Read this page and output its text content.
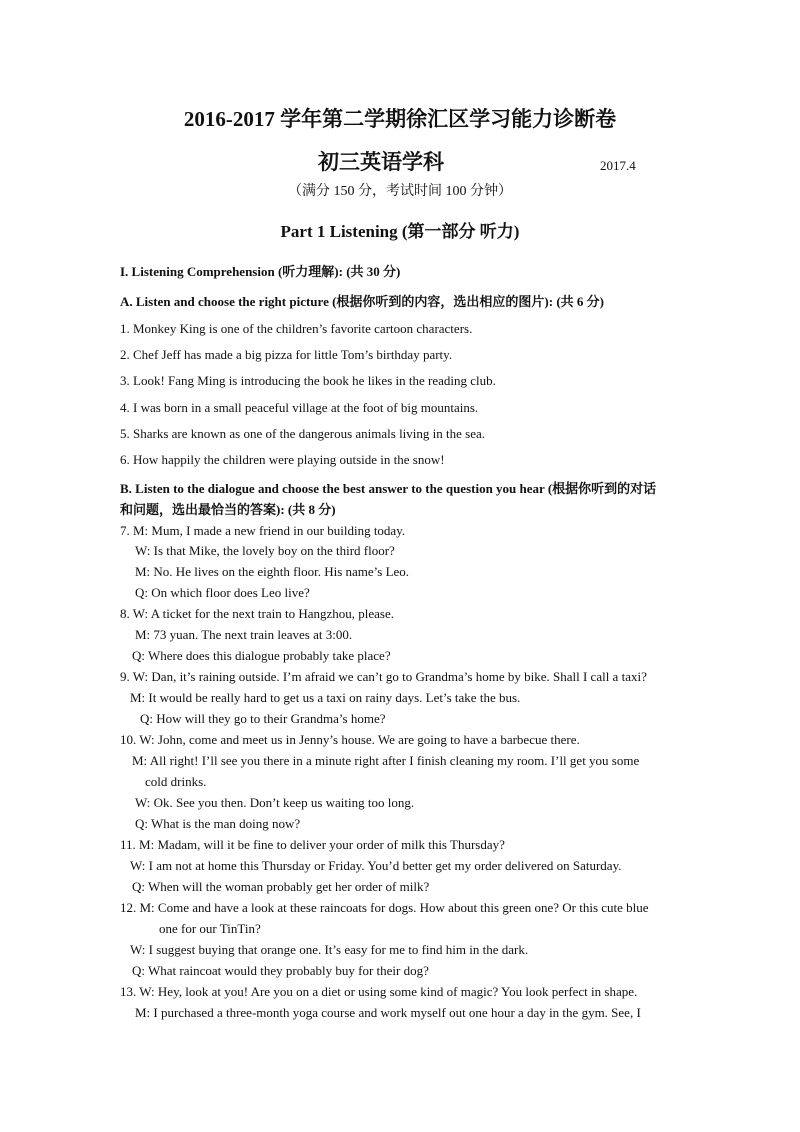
2016-2017 学年第二学期徐汇区学习能力诊断卷
初三英语学科	2017.4
（满分 150 分，考试时间 100 分钟）
Part 1 Listening (第一部分 听力)
I. Listening Comprehension (听力理解): (共 30 分)
A. Listen and choose the right picture (根据你听到的内容，选出相应的图片): (共 6 分)
1. Monkey King is one of the children’s favorite cartoon characters.
2. Chef Jeff has made a big pizza for little Tom’s birthday party.
3. Look! Fang Ming is introducing the book he likes in the reading club.
4. I was born in a small peaceful village at the foot of big mountains.
5. Sharks are known as one of the dangerous animals living in the sea.
6. How happily the children were playing outside in the snow!
B. Listen to the dialogue and choose the best answer to the question you hear (根据你听到的对话
和问题，选出最恰当的答案): (共 8 分)
7. M: Mum, I made a new friend in our building today.
W: Is that Mike, the lovely boy on the third floor?
M: No. He lives on the eighth floor. His name’s Leo.
Q: On which floor does Leo live?
8. W: A ticket for the next train to Hangzhou, please.
M: 73 yuan. The next train leaves at 3:00.
Q: Where does this dialogue probably take place?
9. W: Dan, it’s raining outside. I’m afraid we can’t go to Grandma’s home by bike. Shall I call a taxi?
M: It would be really hard to get us a taxi on rainy days. Let’s take the bus.
Q: How will they go to their Grandma’s home?
10. W: John, come and meet us in Jenny’s house. We are going to have a barbecue there.
M: All right! I’ll see you there in a minute right after I finish cleaning my room. I’ll get you some
cold drinks.
W: Ok. See you then. Don’t keep us waiting too long.
Q: What is the man doing now?
11. M: Madam, will it be fine to deliver your order of milk this Thursday?
W: I am not at home this Thursday or Friday. You’d better get my order delivered on Saturday.
Q: When will the woman probably get her order of milk?
12. M: Come and have a look at these raincoats for dogs. How about this green one? Or this cute blue
one for our TinTin?
W: I suggest buying that orange one. It’s easy for me to find him in the dark.
Q: What raincoat would they probably buy for their dog?
13. W: Hey, look at you! Are you on a diet or using some kind of magic? You look perfect in shape.
M: I purchased a three-month yoga course and work myself out one hour a day in the gym. See, I
